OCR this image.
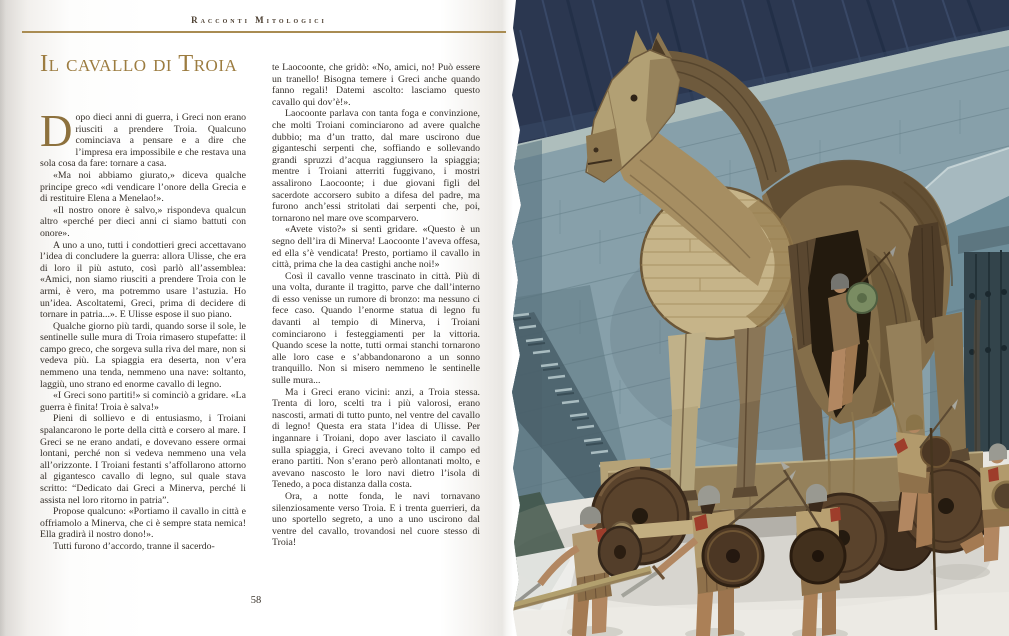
Racconti Mitologici
Il cavallo di Troia

Dopo dieci anni di guerra, i Greci non erano riusciti a prendere Troia. Qualcuno cominciava a pensare e a dire che l’impresa era impossibile e che restava una sola cosa da fare: tornare a casa.

«Ma noi abbiamo giurato,» diceva qualche principe greco «di vendicare l’onore della Grecia e di restituire Elena a Menelao!».

«Il nostro onore è salvo,» rispondeva qualcun altro «perché per dieci anni ci siamo battuti con onore».

A uno a uno, tutti i condottieri greci accettavano l’idea di concludere la guerra: allora Ulisse, che era di loro il più astuto, così parlò all’assemblea: «Amici, non siamo riusciti a prendere Troia con le armi, è vero, ma potremmo usare l’astuzia. Ho un’idea. Ascoltatemi, Greci, prima di decidere di tornare in patria...». E Ulisse espose il suo piano.

Qualche giorno più tardi, quando sorse il sole, le sentinelle sulle mura di Troia rimasero stupefatte: il campo greco, che sorgeva sulla riva del mare, non si vedeva più. La spiaggia era deserta, non v’era nemmeno una tenda, nemmeno una nave: soltanto, laggiù, uno strano ed enorme cavallo di legno.

«I Greci sono partiti!» si cominciò a gridare. «La guerra è finita! Troia è salva!»

Pieni di sollievo e di entusiasmo, i Troiani spalancarono le porte della città e corsero al mare. I Greci se ne erano andati, e dovevano essere ormai lontani, perché non si vedeva nemmeno una vela all’orizzonte. I Troiani festanti s’affollarono attorno al gigantesco cavallo di legno, sul quale stava scritto: “Dedicato dai Greci a Minerva, perché li assista nel loro ritorno in patria”.

Propose qualcuno: «Portiamo il cavallo in città e offriamolo a Minerva, che ci è sempre stata nemica! Ella gradirà il nostro dono!».

Tutti furono d’accordo, tranne il sacerdo-

te Laocoonte, che gridò: «No, amici, no! Può essere un tranello! Bisogna temere i Greci anche quando fanno regali! Datemi ascolto: lasciamo questo cavallo qui dov’è!».

Laocoonte parlava con tanta foga e convinzione, che molti Troiani cominciarono ad avere qualche dubbio; ma d’un tratto, dal mare uscirono due giganteschi serpenti che, soffiando e sollevando grandi spruzzi d’acqua raggiunsero la spiaggia; mentre i Troiani atterriti fuggivano, i mostri assalirono Laocoonte; i due giovani figli del sacerdote accorsero subito a difesa del padre, ma furono anch’essi stritolati dai serpenti che, poi, tornarono nel mare ove scomparvero.

«Avete visto?» si sentì gridare. «Questo è un segno dell’ira di Minerva! Laocoonte l’aveva offesa, ed ella s’è vendicata! Presto, portiamo il cavallo in città, prima che la dea castighi anche noi!»

Così il cavallo venne trascinato in città. Più di una volta, durante il tragitto, parve che dall’interno di esso venisse un rumore di bronzo: ma nessuno ci fece caso. Quando l’enorme statua di legno fu davanti al tempio di Minerva, i Troiani cominciarono i festeggiamenti per la vittoria. Quando scese la notte, tutti ormai stanchi tornarono alle loro case e s’abbandonarono a un sonno tranquillo. Non si misero nemmeno le sentinelle sulle mura...

Ma i Greci erano vicini: anzi, a Troia stessa. Trenta di loro, scelti tra i più valorosi, erano nascosti, armati di tutto punto, nel ventre del cavallo di legno! Questa era stata l’idea di Ulisse. Per ingannare i Troiani, dopo aver lasciato il cavallo sulla spiaggia, i Greci avevano tolto il campo ed erano partiti. Non s’erano però allontanati molto, e avevano nascosto le loro navi dietro l’isola di Tenedo, a poca distanza dalla costa.

Ora, a notte fonda, le navi tornavano silenziosamente verso Troia. E i trenta guerrieri, da uno sportello segreto, a uno a uno uscirono dal ventre del cavallo, trovandosi nel cuore stesso di Troia!

58
